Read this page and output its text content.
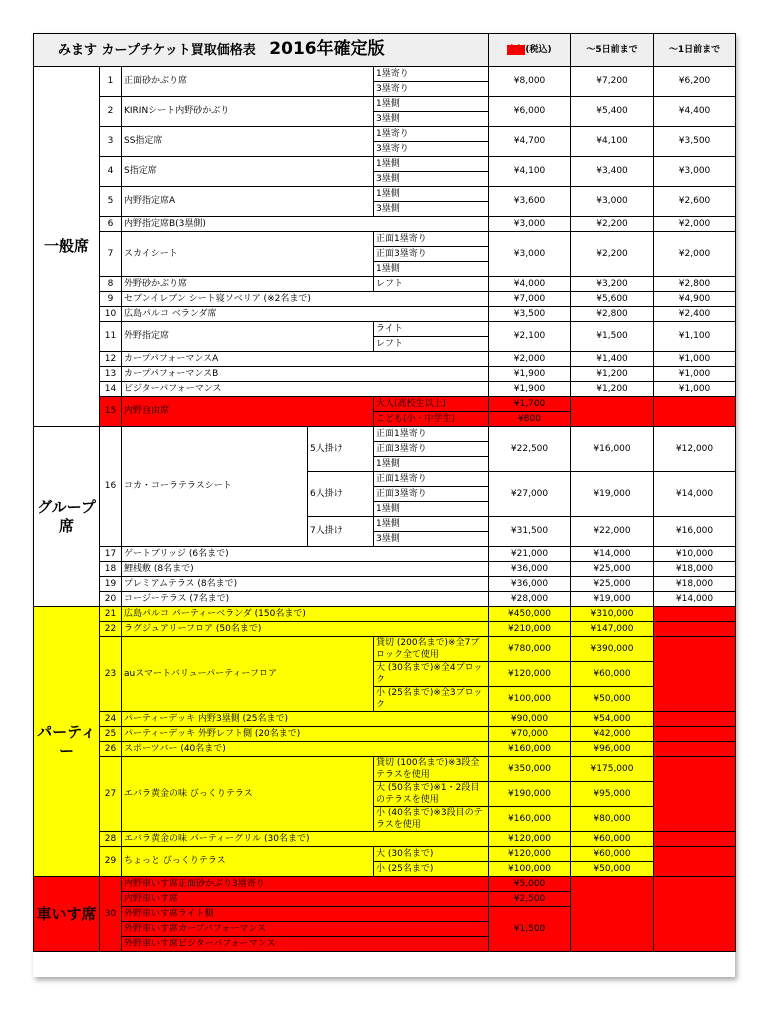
みます カープチケット買取価格表 2016年確定版					定価(税込)	～5日前まで	～1日前まで
一般席	1	正面砂かぶり席		1塁寄り	¥8,000	¥7,200	¥6,200
				3塁寄り			
	2	KIRINシート内野砂かぶり		1塁側	¥6,000	¥5,400	¥4,400
				3塁側			
	3	SS指定席		1塁寄り	¥4,700	¥4,100	¥3,500
				3塁寄り			
	4	S指定席		1塁側	¥4,100	¥3,400	¥3,000
				3塁側			
	5	内野指定席A		1塁側	¥3,600	¥3,000	¥2,600
				3塁側			
	6	内野指定席B(3塁側)			¥3,000	¥2,200	¥2,000
	7	スカイシート		正面1塁寄り	¥3,000	¥2,200	¥2,000
				正面3塁寄り			
				1塁側			
	8	外野砂かぶり席		レフト	¥4,000	¥3,200	¥2,800
	9	セブンイレブン シート寝ソベリア (※2名まで)			¥7,000	¥5,600	¥4,900
	10	広島パルコ ベランダ席			¥3,500	¥2,800	¥2,400
	11	外野指定席		ライト	¥2,100	¥1,500	¥1,100
				レフト			
	12	カープパフォーマンスA			¥2,000	¥1,400	¥1,000
	13	カープパフォーマンスB			¥1,900	¥1,200	¥1,000
	14	ビジターパフォーマンス			¥1,900	¥1,200	¥1,000
	15	内野自由席		大人(高校生以上)	¥1,700		
				こども(小・中学生)	¥800		
グループ席	16	コカ・コーラテラスシート	5人掛け	正面1塁寄り	¥22,500	¥16,000	¥12,000
				正面3塁寄り			
				1塁側			
			6人掛け	正面1塁寄り	¥27,000	¥19,000	¥14,000
				正面3塁寄り			
				1塁側			
			7人掛け	1塁側	¥31,500	¥22,000	¥16,000
				3塁側			
	17	ゲートブリッジ (6名まで)			¥21,000	¥14,000	¥10,000
	18	鯉桟敷 (8名まで)			¥36,000	¥25,000	¥18,000
	19	プレミアムテラス (8名まで)			¥36,000	¥25,000	¥18,000
	20	コージーテラス (7名まで)			¥28,000	¥19,000	¥14,000
パーティー	21	広島パルコ パーティーベランダ (150名まで)			¥450,000	¥310,000	
	22	ラグジュアリーフロア (50名まで)			¥210,000	¥147,000	
	23	auスマートバリューパーティーフロア		貸切 (200名まで)※全7ブロック全て使用	¥780,000	¥390,000	

				大 (30名まで)※全4ブロック	¥120,000	¥60,000	

				小 (25名まで)※全3ブロック	¥100,000	¥50,000	

	24	パーティーデッキ 内野3塁側 (25名まで)			¥90,000	¥54,000	
	25	パーティーデッキ 外野レフト側 (20名まで)			¥70,000	¥42,000	
	26	スポーツバー (40名まで)			¥160,000	¥96,000	
	27	エバラ黄金の味 びっくりテラス		貸切 (100名まで)※3段全テラスを使用	¥350,000	¥175,000	

				大 (50名まで)※1・2段目のテラスを使用	¥190,000	¥95,000	

				小 (40名まで)※3段目のテラスを使用	¥160,000	¥80,000	

	28	エバラ黄金の味 パーティーグリル (30名まで)			¥120,000	¥60,000	
	29	ちょっと びっくりテラス		大 (30名まで)	¥120,000	¥60,000	
				小 (25名まで)	¥100,000	¥50,000	
車いす席	30	内野車いす席正面砂かぶり3塁寄り			¥5,000		
		内野車いす席			¥2,500		
		外野車いす席ライト側			¥1,500		
		外野車いす席カープパフォーマンス					
		外野車いす席ビジターパフォーマンス					
